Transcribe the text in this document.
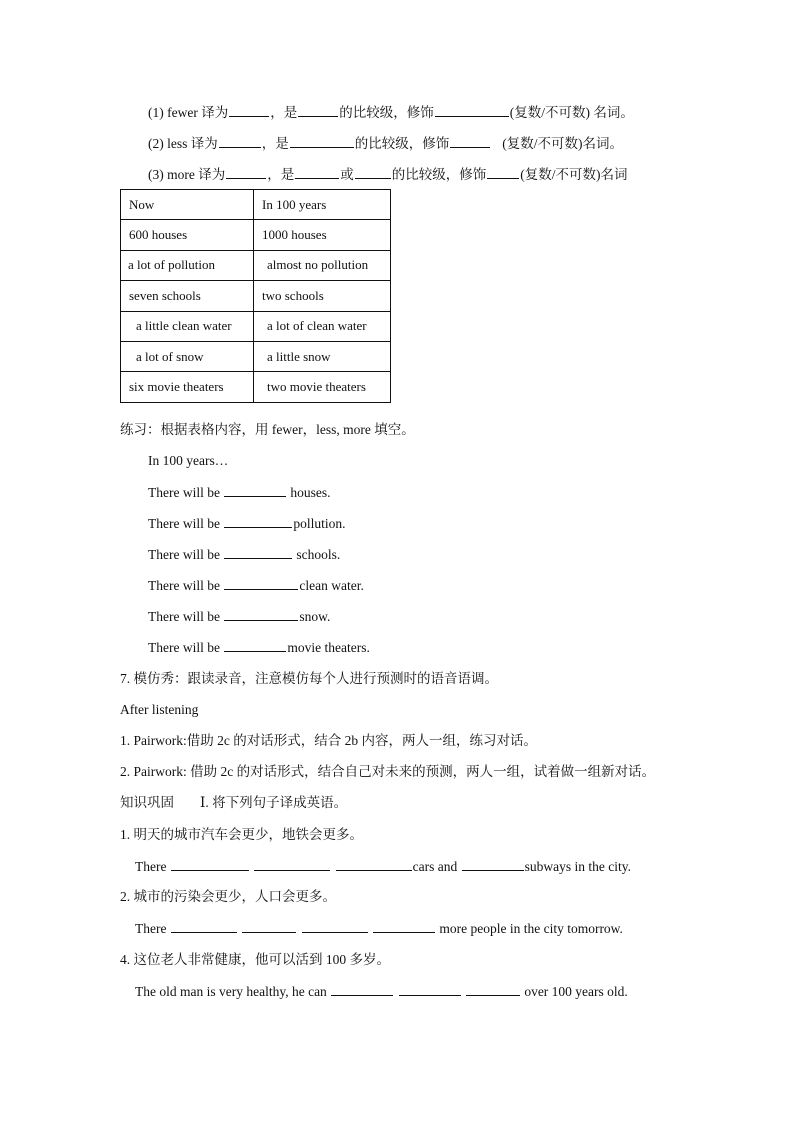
(1) fewer 译为	，是	的比较级，修饰	(复数/不可数) 名词。
(2) less 译为	，是	的比较级，修饰	(复数/不可数)名词。
(3) more 译为	，是	或	的比较级，修饰	(复数/不可数)名词
Now	In 100 years
600 houses	1000 houses
a lot of pollution	almost no pollution
seven schools	two schools
a little clean water	a lot of clean water
a lot of snow	a little snow
six movie theaters	two movie theaters
练习：根据表格内容，用 fewer，less, more 填空。
In 100 years…
There will be	houses.
There will be	pollution.
There will be	schools.
There will be	clean water.
There will be	snow.
There will be	movie theaters.
7. 模仿秀：跟读录音，注意模仿每个人进行预测时的语音语调。
After listening
1. Pairwork:借助 2c 的对话形式，结合 2b 内容，两人一组，练习对话。
2. Pairwork: 借助 2c 的对话形式，结合自己对未来的预测，两人一组，试着做一组新对话。
知识巩固 Ⅰ. 将下列句子译成英语。
1. 明天的城市汽车会更少，地铁会更多。
There	cars and	subways in the city.
2. 城市的污染会更少，人口会更多。
There	more people in the city tomorrow.
4. 这位老人非常健康，他可以活到 100 多岁。
The old man is very healthy, he can	over 100 years old.
